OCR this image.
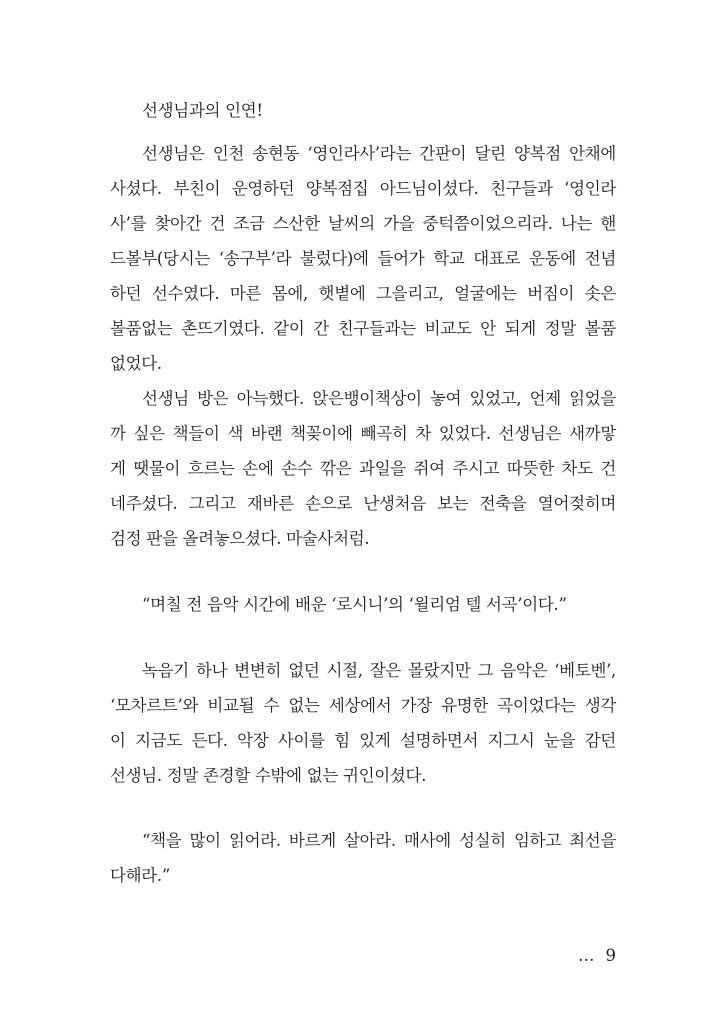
선생님과의 인연!
선생님은 인천 송현동 ‘영인라사’라는 간판이 달린 양복점 안채에
사셨다. 부친이 운영하던 양복점집 아드님이셨다. 친구들과 ‘영인라
사’를 찾아간 건 조금 스산한 날씨의 가을 중턱쯤이었으리라. 나는 핸
드볼부(당시는 ‘송구부’라 불렀다)에 들어가 학교 대표로 운동에 전념
하던 선수였다. 마른 몸에, 햇볕에 그을리고, 얼굴에는 버짐이 솟은
볼품없는 촌뜨기였다. 같이 간 친구들과는 비교도 안 되게 정말 볼품
없었다.
선생님 방은 아늑했다. 앉은뱅이책상이 놓여 있었고, 언제 읽었을
까 싶은 책들이 색 바랜 책꽂이에 빼곡히 차 있었다. 선생님은 새까맣
게 땟물이 흐르는 손에 손수 깎은 과일을 쥐여 주시고 따뜻한 차도 건
네주셨다. 그리고 재바른 손으로 난생처음 보는 전축을 열어젖히며
검정 판을 올려놓으셨다. 마술사처럼.
“며칠 전 음악 시간에 배운 ‘로시니’의 ‘윌리엄 텔 서곡’이다.”
녹음기 하나 변변히 없던 시절, 잘은 몰랐지만 그 음악은 ‘베토벤’,
‘모차르트’와 비교될 수 없는 세상에서 가장 유명한 곡이었다는 생각
이 지금도 든다. 악장 사이를 힘 있게 설명하면서 지그시 눈을 감던
선생님. 정말 존경할 수밖에 없는 귀인이셨다.
“책을 많이 읽어라. 바르게 살아라. 매사에 성실히 임하고 최선을
다해라.”
… 9
